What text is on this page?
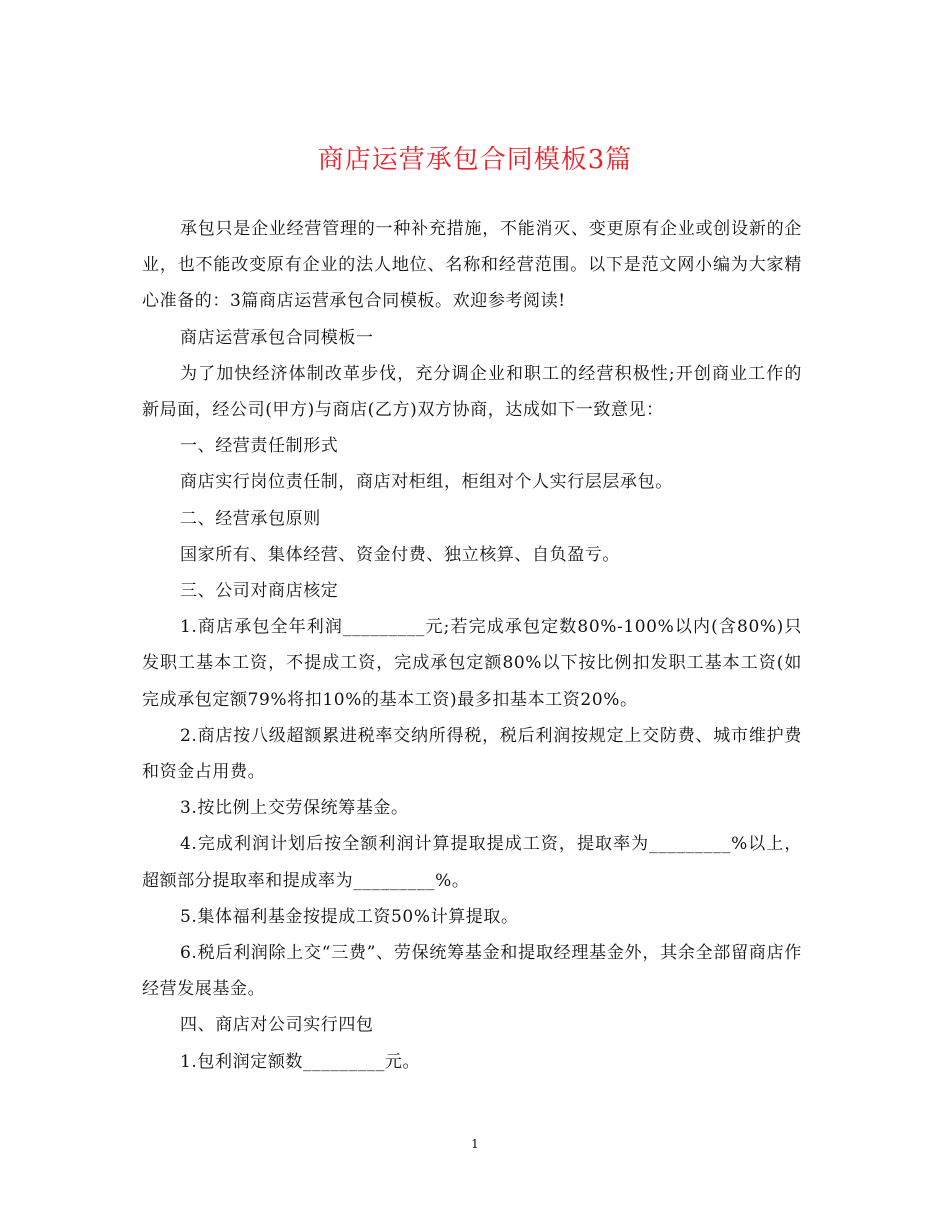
商店运营承包合同模板3篇

承包只是企业经营管理的一种补充措施，不能消灭、变更原有企业或创设新的企业，也不能改变原有企业的法人地位、名称和经营范围。以下是范文网小编为大家精心准备的：3篇商店运营承包合同模板。欢迎参考阅读!

商店运营承包合同模板一

为了加快经济体制改革步伐，充分调企业和职工的经营积极性;开创商业工作的新局面，经公司(甲方)与商店(乙方)双方协商，达成如下一致意见：

一、经营责任制形式

商店实行岗位责任制，商店对柜组，柜组对个人实行层层承包。

二、经营承包原则

国家所有、集体经营、资金付费、独立核算、自负盈亏。

三、公司对商店核定

1.商店承包全年利润_________元;若完成承包定数80%-100%以内(含80%)只发职工基本工资，不提成工资，完成承包定额80%以下按比例扣发职工基本工资(如完成承包定额79%将扣10%的基本工资)最多扣基本工资20%。

2.商店按八级超额累进税率交纳所得税，税后利润按规定上交防费、城市维护费和资金占用费。

3.按比例上交劳保统筹基金。

4.完成利润计划后按全额利润计算提取提成工资，提取率为_________%以上，超额部分提取率和提成率为_________%。

5.集体福利基金按提成工资50%计算提取。

6.税后利润除上交“三费”、劳保统筹基金和提取经理基金外，其余全部留商店作经营发展基金。

四、商店对公司实行四包

1.包利润定额数_________元。

1
